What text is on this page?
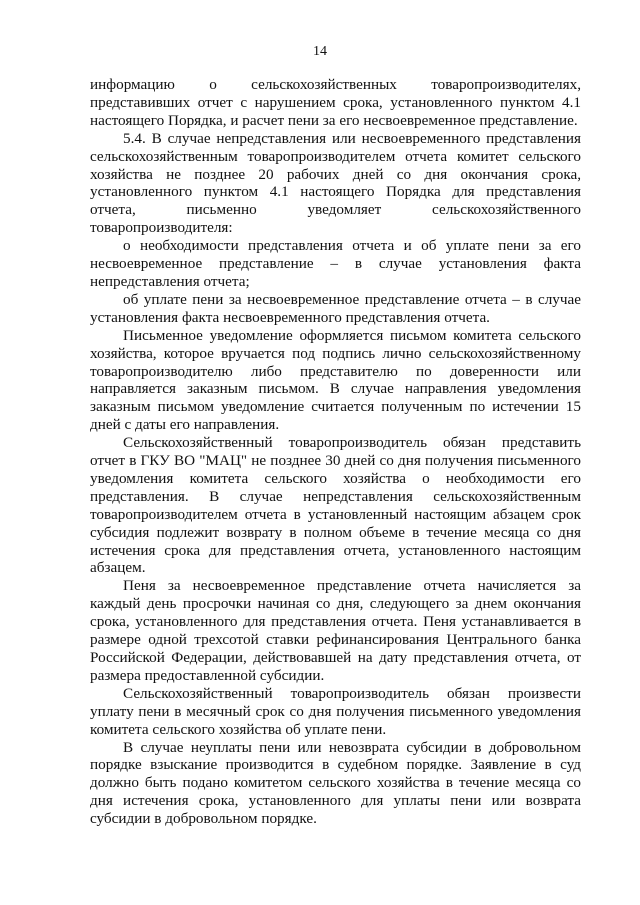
14

информацию о сельскохозяйственных товаропроизводителях, представивших отчет с нарушением срока, установленного пунктом 4.1 настоящего Порядка, и расчет пени за его несвоевременное представление.

5.4. В случае непредставления или несвоевременного представления сельскохозяйственным товаропроизводителем отчета комитет сельского хозяйства не позднее 20 рабочих дней со дня окончания срока, установленного пунктом 4.1 настоящего Порядка для представления отчета, письменно уведомляет сельскохозяйственного товаропроизводителя:

о необходимости представления отчета и об уплате пени за его несвоевременное представление – в случае установления факта непредставления отчета;

об уплате пени за несвоевременное представление отчета – в случае установления факта несвоевременного представления отчета.

Письменное уведомление оформляется письмом комитета сельского хозяйства, которое вручается под подпись лично сельскохозяйственному товаропроизводителю либо представителю по доверенности или направляется заказным письмом. В случае направления уведомления заказным письмом уведомление считается полученным по истечении 15 дней с даты его направления.

Сельскохозяйственный товаропроизводитель обязан представить отчет в ГКУ ВО "МАЦ" не позднее 30 дней со дня получения письменного уведомления комитета сельского хозяйства о необходимости его представления. В случае непредставления сельскохозяйственным товаропроизводителем отчета в установленный настоящим абзацем срок субсидия подлежит возврату в полном объеме в течение месяца со дня истечения срока для представления отчета, установленного настоящим абзацем.

Пеня за несвоевременное представление отчета начисляется за каждый день просрочки начиная со дня, следующего за днем окончания срока, установленного для представления отчета. Пеня устанавливается в размере одной трехсотой ставки рефинансирования Центрального банка Российской Федерации, действовавшей на дату представления отчета, от размера предоставленной субсидии.

Сельскохозяйственный товаропроизводитель обязан произвести уплату пени в месячный срок со дня получения письменного уведомления комитета сельского хозяйства об уплате пени.

В случае неуплаты пени или невозврата субсидии в добровольном порядке взыскание производится в судебном порядке. Заявление в суд должно быть подано комитетом сельского хозяйства в течение месяца со дня истечения срока, установленного для уплаты пени или возврата субсидии в добровольном порядке.
